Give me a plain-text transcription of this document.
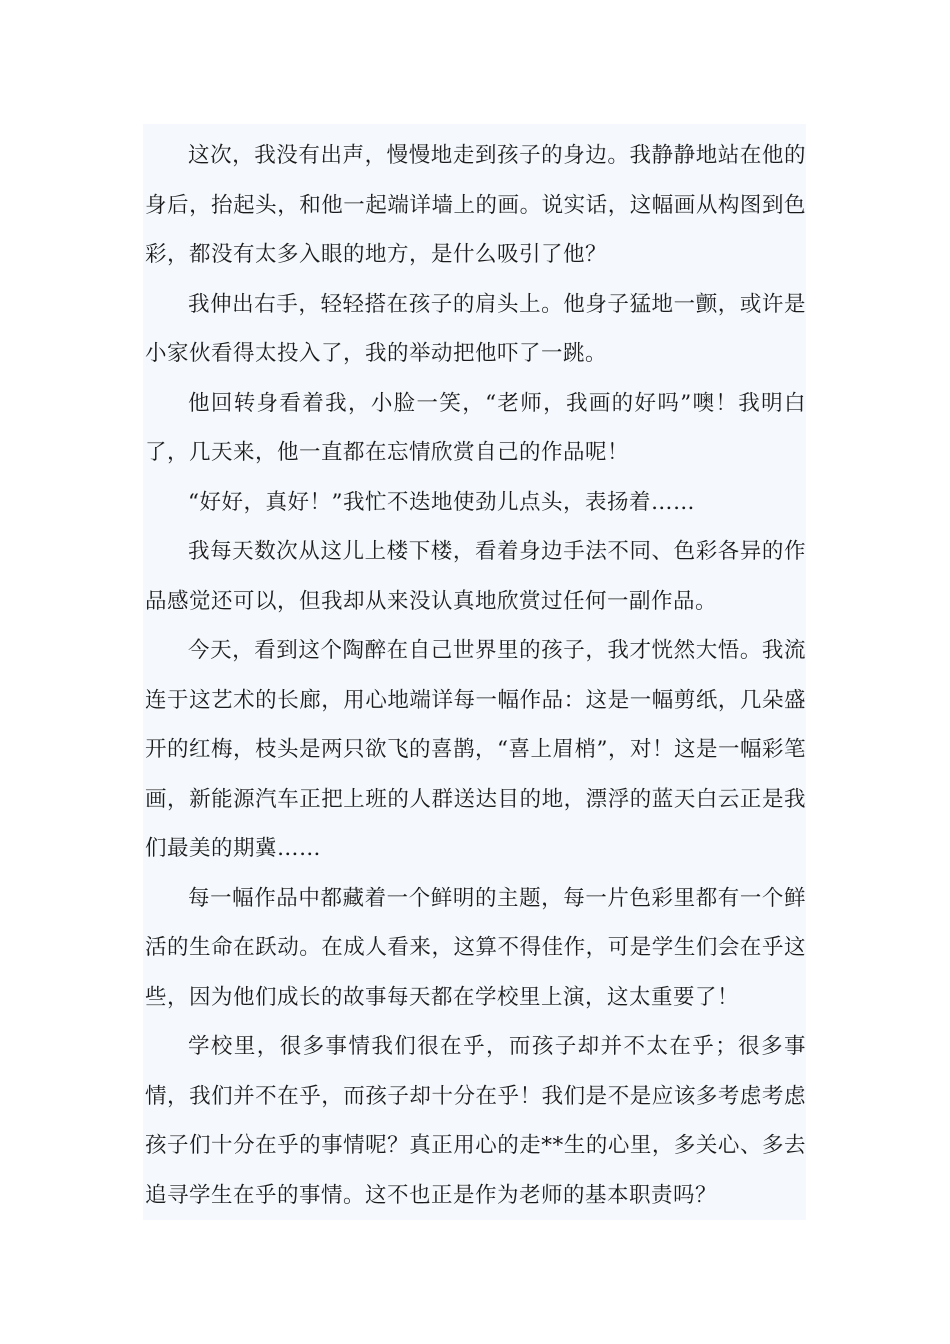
这次，我没有出声，慢慢地走到孩子的身边。我静静地站在他的身后，抬起头，和他一起端详墙上的画。说实话，这幅画从构图到色彩，都没有太多入眼的地方，是什么吸引了他？

我伸出右手，轻轻搭在孩子的肩头上。他身子猛地一颤，或许是小家伙看得太投入了，我的举动把他吓了一跳。

他回转身看着我，小脸一笑，“老师，我画的好吗”噢！我明白了，几天来，他一直都在忘情欣赏自己的作品呢！

“好好，真好！”我忙不迭地使劲儿点头，表扬着……

我每天数次从这儿上楼下楼，看着身边手法不同、色彩各异的作品感觉还可以，但我却从来没认真地欣赏过任何一副作品。

今天，看到这个陶醉在自己世界里的孩子，我才恍然大悟。我流连于这艺术的长廊，用心地端详每一幅作品：这是一幅剪纸，几朵盛开的红梅，枝头是两只欲飞的喜鹊，“喜上眉梢”，对！这是一幅彩笔画，新能源汽车正把上班的人群送达目的地，漂浮的蓝天白云正是我们最美的期冀……

每一幅作品中都藏着一个鲜明的主题，每一片色彩里都有一个鲜活的生命在跃动。在成人看来，这算不得佳作，可是学生们会在乎这些，因为他们成长的故事每天都在学校里上演，这太重要了！

学校里，很多事情我们很在乎，而孩子却并不太在乎；很多事情，我们并不在乎，而孩子却十分在乎！我们是不是应该多考虑考虑孩子们十分在乎的事情呢？真正用心的走**生的心里，多关心、多去追寻学生在乎的事情。这不也正是作为老师的基本职责吗？
